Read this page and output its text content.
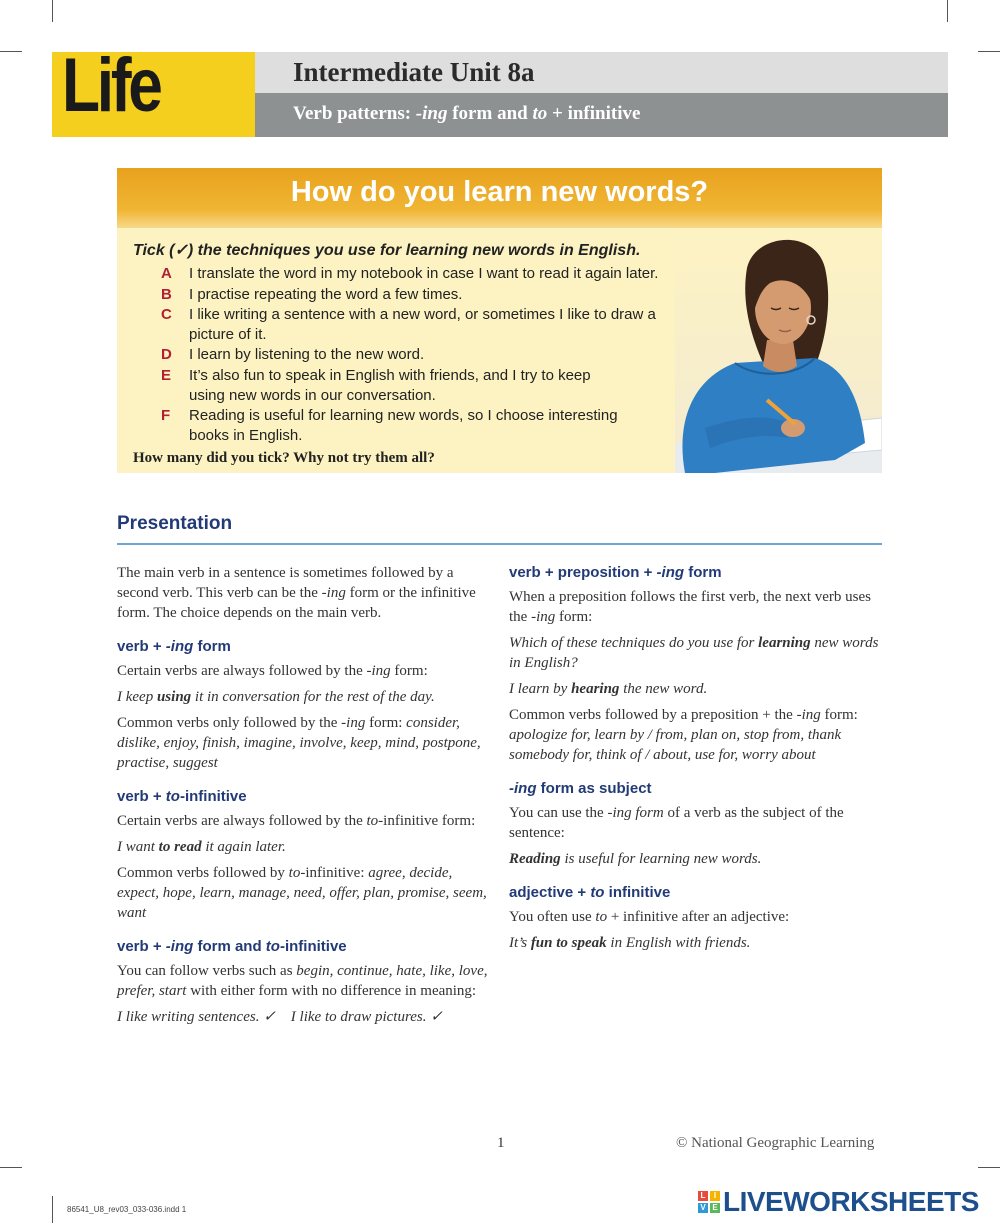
Life	Intermediate Unit 8a
Verb patterns: -ing form and to + infinitive
How do you learn new words?
Tick (✓) the techniques you use for learning new words in English.
A I translate the word in my notebook in case I want to read it again later.
B I practise repeating the word a few times.
C I like writing a sentence with a new word, or sometimes I like to draw a picture of it.
D I learn by listening to the new word.
E It’s also fun to speak in English with friends, and I try to keep using new words in our conversation.
F Reading is useful for learning new words, so I choose interesting books in English.
How many did you tick? Why not try them all?
Presentation

The main verb in a sentence is sometimes followed by a second verb. This verb can be the -ing form or the infinitive form. The choice depends on the main verb.

verb + -ing form

Certain verbs are always followed by the -ing form:

I keep using it in conversation for the rest of the day.

Common verbs only followed by the -ing form: consider, dislike, enjoy, finish, imagine, involve, keep, mind, postpone, practise, suggest

verb + to-infinitive

Certain verbs are always followed by the to-infinitive form:

I want to read it again later.

Common verbs followed by to-infinitive: agree, decide, expect, hope, learn, manage, need, offer, plan, promise, seem, want

verb + -ing form and to-infinitive

You can follow verbs such as begin, continue, hate, like, love, prefer, start with either form with no difference in meaning:

I like writing sentences. ✓ I like to draw pictures. ✓

verb + preposition + -ing form

When a preposition follows the first verb, the next verb uses the -ing form:

Which of these techniques do you use for learning new words in English?

I learn by hearing the new word.

Common verbs followed by a preposition + the -ing form: apologize for, learn by / from, plan on, stop from, thank somebody for, think of / about, use for, worry about

-ing form as subject

You can use the -ing form of a verb as the subject of the sentence:

Reading is useful for learning new words.

adjective + to infinitive

You often use to + infinitive after an adjective:

It’s fun to speak in English with friends.

1	© National Geographic Learning
86541_U8_rev03_033-036.indd 1
L	I
V E LIVEWORKSHEETS
